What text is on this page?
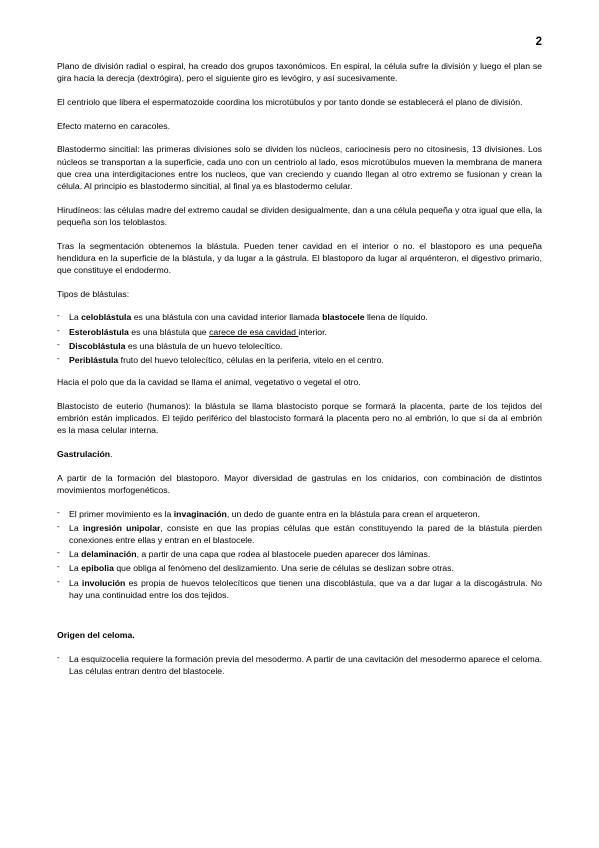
2

Plano de división radial o espiral, ha creado dos grupos taxonómicos. En espiral, la célula sufre la división y luego el plan se gira hacia la derecja (dextrógira), pero el siguiente giro es levógiro, y así sucesivamente.

El centriolo que libera el espermatozoide coordina los microtúbulos y por tanto donde se establecerá el plano de división.

Efecto materno en caracoles.

Blastodermo sincitial: las primeras divisiones solo se dividen los núcleos, cariocinesis pero no citosinesis, 13 divisiones. Los núcleos se transportan a la superficie, cada uno con un centriolo al lado, esos microtúbulos mueven la membrana de manera que crea una interdigitaciones entre los nucleos, que van creciendo y cuando llegan al otro extremo se fusionan y crean la célula. Al principio es blastodermo sincitial, al final ya es blastodermo celular.

Hirudíneos: las células madre del extremo caudal se dividen desigualmente, dan a una célula pequeña y otra igual que ella, la pequeña son los teloblastos.

Tras la segmentación obtenemos la blástula. Pueden tener cavidad en el interior o no. el blastoporo es una pequeña hendidura en la superficie de la blástula, y da lugar a la gástrula. El blastoporo da lugar al arquénteron, el digestivo primario, que constituye el endodermo.

Tipos de blástulas:

- La celoblástula es una blástula con una cavidad interior llamada blastocele llena de líquido.
- Esteroblástula es una blástula que carece de esa cavidad interior.
- Discoblástula es una blástula de un huevo telolecítico.
- Periblástula fruto del huevo telolecítico, células en la periferia, vitelo en el centro.

Hacia el polo que da la cavidad se llama el animal, vegetativo o vegetal el otro.

Blastocisto de euterio (humanos): la blástula se llama blastocisto porque se formará la placenta, parte de los tejidos del embrión están implicados. El tejido periférico del blastocisto formará la placenta pero no al embrión, lo que si da al embrión es la masa celular interna.

Gastrulación.

A partir de la formación del blastoporo. Mayor diversidad de gastrulas en los cnidarios, con combinación de distintos movimientos morfogenéticos.

- El primer movimiento es la invaginación, un dedo de guante entra en la blástula para crean el arqueteron.
- La ingresión unipolar, consiste en que las propias células que están constituyendo la pared de la blástula pierden conexiones entre ellas y entran en el blastocele.
- La delaminación, a partir de una capa que rodea al blastocele pueden aparecer dos láminas.
- La epibolia que obliga al fenómeno del deslizamiento. Una serie de células se deslizan sobre otras.
- La involución es propia de huevos telolecíticos que tienen una discoblástula, que va a dar lugar a la discogástrula. No hay una continuidad entre los dos tejidos.

Origen del celoma.

- La esquizocelia requiere la formación previa del mesodermo. A partir de una cavitación del mesodermo aparece el celoma. Las células entran dentro del blastocele.
